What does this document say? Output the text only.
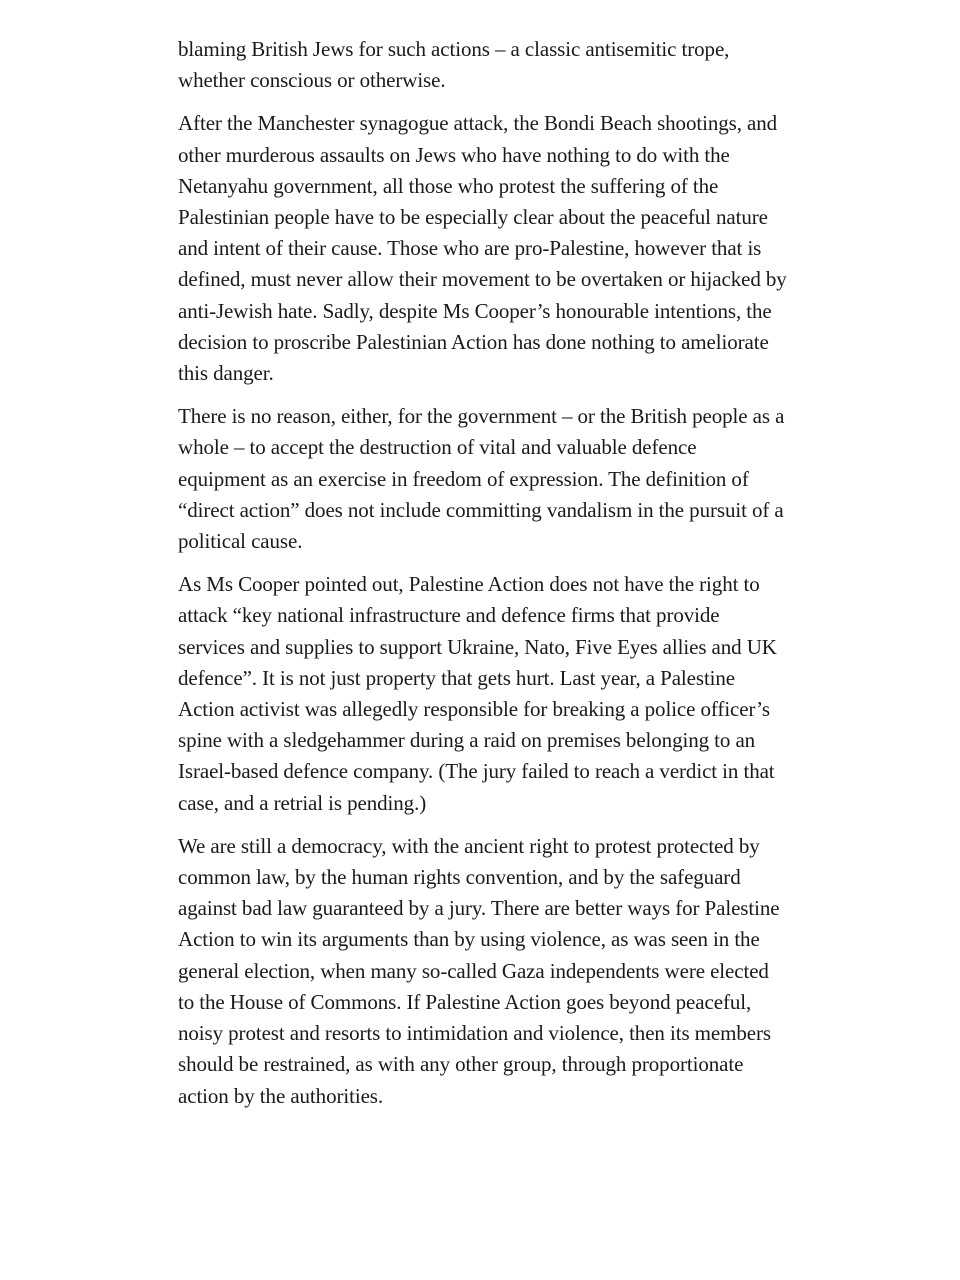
blaming British Jews for such actions – a classic antisemitic trope, whether conscious or otherwise.

After the Manchester synagogue attack, the Bondi Beach shootings, and other murderous assaults on Jews who have nothing to do with the Netanyahu government, all those who protest the suffering of the Palestinian people have to be especially clear about the peaceful nature and intent of their cause. Those who are pro-Palestine, however that is defined, must never allow their movement to be overtaken or hijacked by anti-Jewish hate. Sadly, despite Ms Cooper’s honourable intentions, the decision to proscribe Palestinian Action has done nothing to ameliorate this danger.

There is no reason, either, for the government – or the British people as a whole – to accept the destruction of vital and valuable defence equipment as an exercise in freedom of expression. The definition of “direct action” does not include committing vandalism in the pursuit of a political cause.

As Ms Cooper pointed out, Palestine Action does not have the right to attack “key national infrastructure and defence firms that provide services and supplies to support Ukraine, Nato, Five Eyes allies and UK defence”. It is not just property that gets hurt. Last year, a Palestine Action activist was allegedly responsible for breaking a police officer’s spine with a sledgehammer during a raid on premises belonging to an Israel-based defence company. (The jury failed to reach a verdict in that case, and a retrial is pending.)

We are still a democracy, with the ancient right to protest protected by common law, by the human rights convention, and by the safeguard against bad law guaranteed by a jury. There are better ways for Palestine Action to win its arguments than by using violence, as was seen in the general election, when many so-called Gaza independents were elected to the House of Commons. If Palestine Action goes beyond peaceful, noisy protest and resorts to intimidation and violence, then its members should be restrained, as with any other group, through proportionate action by the authorities.
